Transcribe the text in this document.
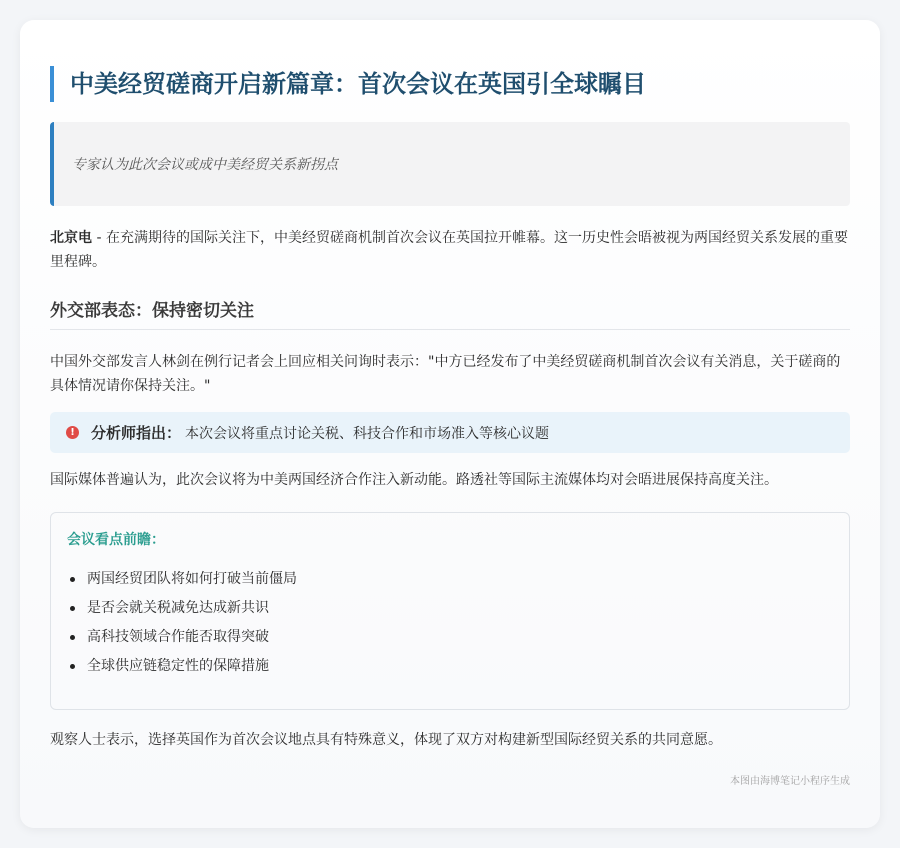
中美经贸磋商开启新篇章：首次会议在英国引全球瞩目
专家认为此次会议或成中美经贸关系新拐点

北京电 - 在充满期待的国际关注下，中美经贸磋商机制首次会议在英国拉开帷幕。这一历史性会晤被视为两国经贸关系发展的重要里程碑。

外交部表态：保持密切关注

中国外交部发言人林剑在例行记者会上回应相关问询时表示："中方已经发布了中美经贸磋商机制首次会议有关消息，关于磋商的具体情况请你保持关注。"

! 分析师指出： 本次会议将重点讨论关税、科技合作和市场准入等核心议题

国际媒体普遍认为，此次会议将为中美两国经济合作注入新动能。路透社等国际主流媒体均对会晤进展保持高度关注。

会议看点前瞻：
两国经贸团队将如何打破当前僵局
是否会就关税减免达成新共识
高科技领域合作能否取得突破
全球供应链稳定性的保障措施

观察人士表示，选择英国作为首次会议地点具有特殊意义，体现了双方对构建新型国际经贸关系的共同意愿。

本图由海博笔记小程序生成
